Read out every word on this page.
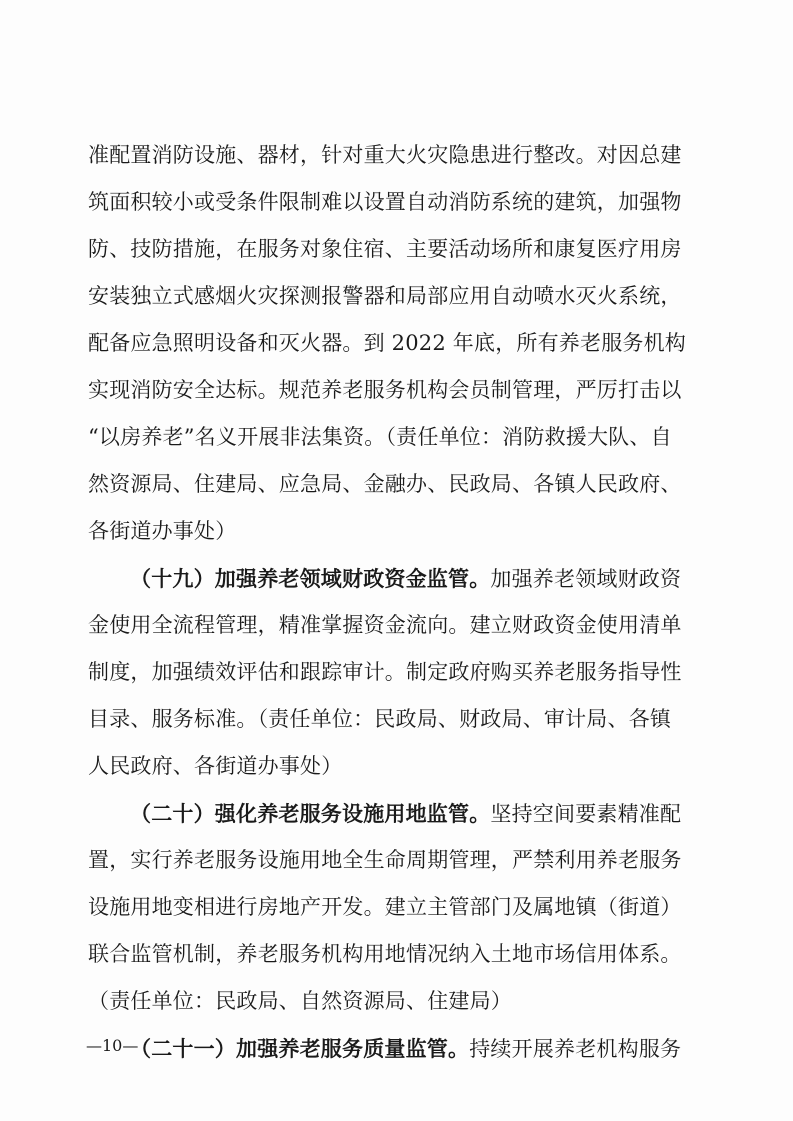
准配置消防设施、器材，针对重大火灾隐患进行整改。对因总建
筑面积较小或受条件限制难以设置自动消防系统的建筑，加强物
防、技防措施，在服务对象住宿、主要活动场所和康复医疗用房
安装独立式感烟火灾探测报警器和局部应用自动喷水灭火系统，
配备应急照明设备和灭火器。到 2022 年底，所有养老服务机构
实现消防安全达标。规范养老服务机构会员制管理，严厉打击以
“以房养老”名义开展非法集资。（责任单位：消防救援大队、自
然资源局、住建局、应急局、金融办、民政局、各镇人民政府、
各街道办事处）
（十九）加强养老领域财政资金监管。加强养老领域财政资
金使用全流程管理，精准掌握资金流向。建立财政资金使用清单
制度，加强绩效评估和跟踪审计。制定政府购买养老服务指导性
目录、服务标准。（责任单位：民政局、财政局、审计局、各镇
人民政府、各街道办事处）
（二十）强化养老服务设施用地监管。坚持空间要素精准配
置，实行养老服务设施用地全生命周期管理，严禁利用养老服务
设施用地变相进行房地产开发。建立主管部门及属地镇（街道）
联合监管机制，养老服务机构用地情况纳入土地市场信用体系。
（责任单位：民政局、自然资源局、住建局）
（二十一）加强养老服务质量监管。持续开展养老机构服务
—10—
